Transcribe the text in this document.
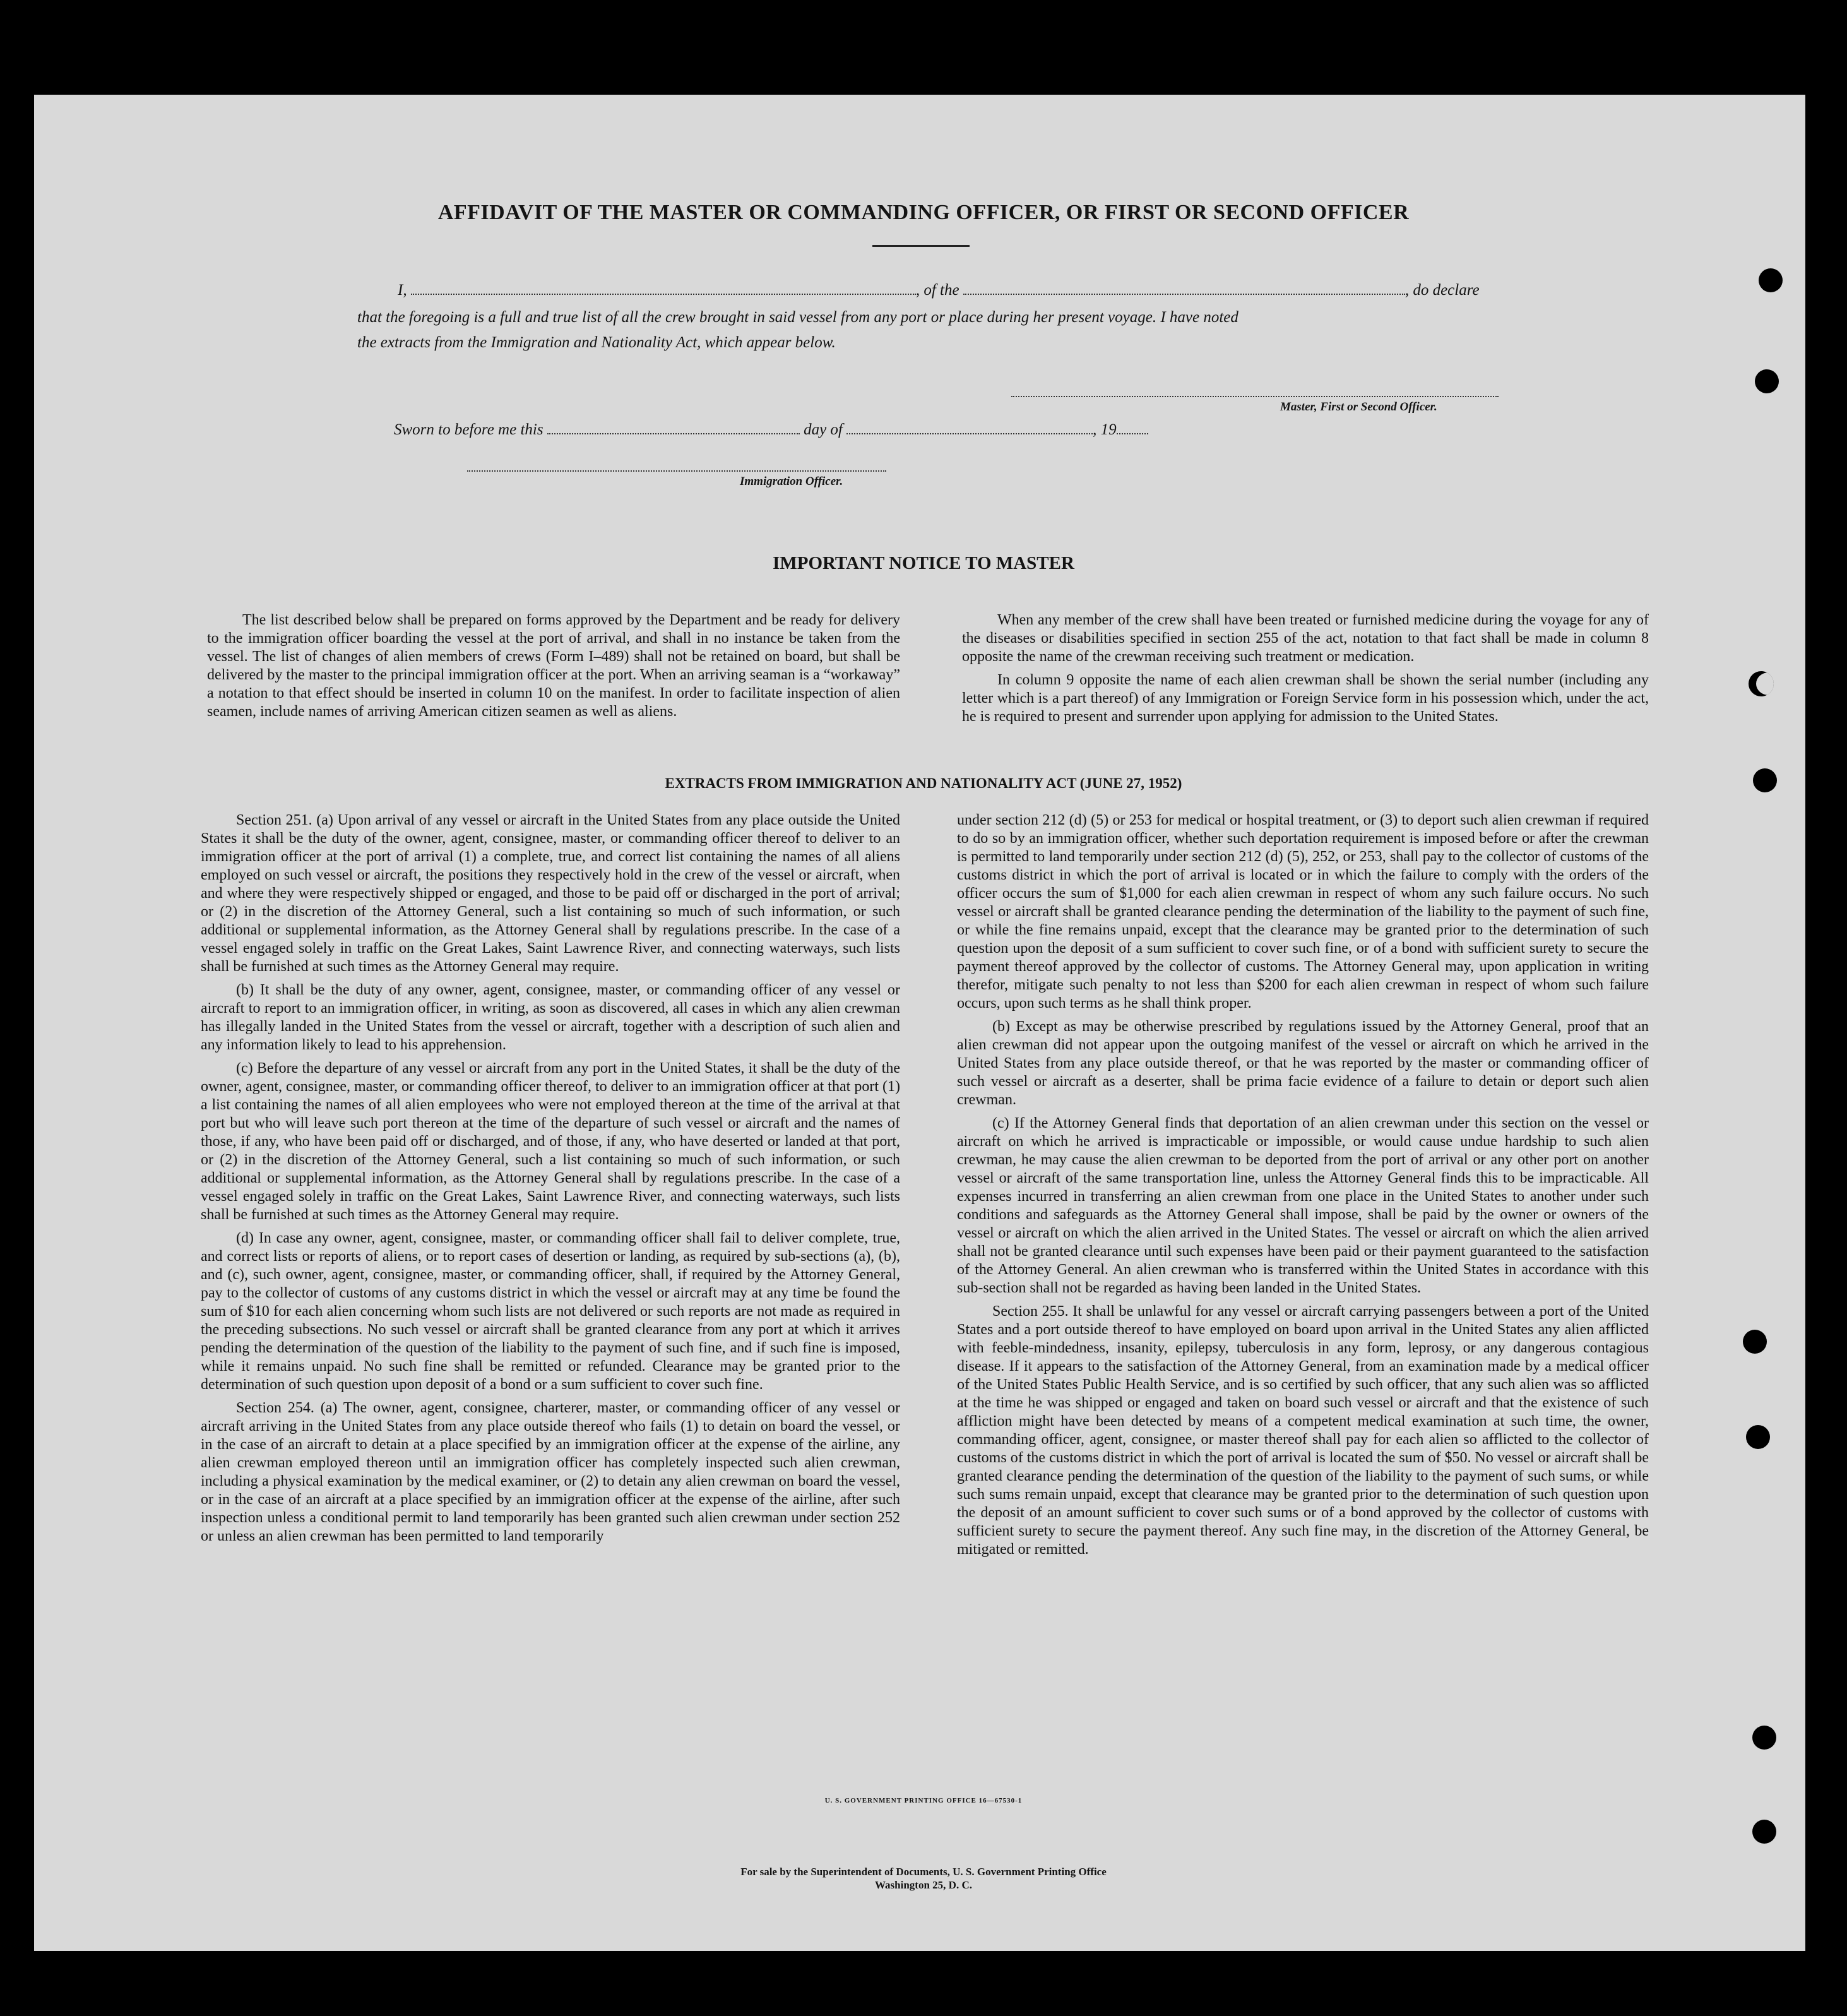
AFFIDAVIT OF THE MASTER OR COMMANDING OFFICER, OR FIRST OR SECOND OFFICER
I,	, of the	, do declare
that the foregoing is a full and true list of all the crew brought in said vessel from any port or place during her present voyage. I have noted
the extracts from the Immigration and Nationality Act, which appear below.
Master, First or Second Officer.
Sworn to before me this	day of	, 19
Immigration Officer.
IMPORTANT NOTICE TO MASTER

The list described below shall be prepared on forms approved by the Department and be ready for delivery to the immigration officer boarding the vessel at the port of arrival, and shall in no instance be taken from the vessel. The list of changes of alien members of crews (Form I–489) shall not be retained on board, but shall be delivered by the master to the principal immigration officer at the port. When an arriving seaman is a “workaway” a notation to that effect should be inserted in column 10 on the manifest. In order to facilitate inspection of alien seamen, include names of arriving American citizen seamen as well as aliens.

When any member of the crew shall have been treated or furnished medicine during the voyage for any of the diseases or disabilities specified in section 255 of the act, notation to that fact shall be made in column 8 opposite the name of the crewman receiving such treatment or medication.

In column 9 opposite the name of each alien crewman shall be shown the serial number (including any letter which is a part thereof) of any Immigration or Foreign Service form in his possession which, under the act, he is required to present and surrender upon applying for admission to the United States.

EXTRACTS FROM IMMIGRATION AND NATIONALITY ACT (JUNE 27, 1952)

Section 251. (a) Upon arrival of any vessel or aircraft in the United States from any place outside the United States it shall be the duty of the owner, agent, consignee, master, or commanding officer thereof to deliver to an immigration officer at the port of arrival (1) a complete, true, and correct list containing the names of all aliens employed on such vessel or aircraft, the positions they respectively hold in the crew of the vessel or aircraft, when and where they were respectively shipped or engaged, and those to be paid off or discharged in the port of arrival; or (2) in the discretion of the Attorney General, such a list containing so much of such information, or such additional or supplemental information, as the Attorney General shall by regulations prescribe. In the case of a vessel engaged solely in traffic on the Great Lakes, Saint Lawrence River, and connecting waterways, such lists shall be furnished at such times as the Attorney General may require.

(b) It shall be the duty of any owner, agent, consignee, master, or commanding officer of any vessel or aircraft to report to an immigration officer, in writing, as soon as discovered, all cases in which any alien crewman has illegally landed in the United States from the vessel or aircraft, together with a description of such alien and any information likely to lead to his apprehension.

(c) Before the departure of any vessel or aircraft from any port in the United States, it shall be the duty of the owner, agent, consignee, master, or commanding officer thereof, to deliver to an immigration officer at that port (1) a list containing the names of all alien employees who were not employed thereon at the time of the arrival at that port but who will leave such port thereon at the time of the departure of such vessel or aircraft and the names of those, if any, who have been paid off or discharged, and of those, if any, who have deserted or landed at that port, or (2) in the discretion of the Attorney General, such a list containing so much of such information, or such additional or supplemental information, as the Attorney General shall by regulations prescribe. In the case of a vessel engaged solely in traffic on the Great Lakes, Saint Lawrence River, and connecting waterways, such lists shall be furnished at such times as the Attorney General may require.

(d) In case any owner, agent, consignee, master, or commanding officer shall fail to deliver complete, true, and correct lists or reports of aliens, or to report cases of desertion or landing, as required by sub-sections (a), (b), and (c), such owner, agent, consignee, master, or commanding officer, shall, if required by the Attorney General, pay to the collector of customs of any customs district in which the vessel or aircraft may at any time be found the sum of $10 for each alien concerning whom such lists are not delivered or such reports are not made as required in the preceding subsections. No such vessel or aircraft shall be granted clearance from any port at which it arrives pending the determination of the question of the liability to the payment of such fine, and if such fine is imposed, while it remains unpaid. No such fine shall be remitted or refunded. Clearance may be granted prior to the determination of such question upon deposit of a bond or a sum sufficient to cover such fine.

Section 254. (a) The owner, agent, consignee, charterer, master, or commanding officer of any vessel or aircraft arriving in the United States from any place outside thereof who fails (1) to detain on board the vessel, or in the case of an aircraft to detain at a place specified by an immigration officer at the expense of the airline, any alien crewman employed thereon until an immigration officer has completely inspected such alien crewman, including a physical examination by the medical examiner, or (2) to detain any alien crewman on board the vessel, or in the case of an aircraft at a place specified by an immigration officer at the expense of the airline, after such inspection unless a conditional permit to land temporarily has been granted such alien crewman under section 252 or unless an alien crewman has been permitted to land temporarily

under section 212 (d) (5) or 253 for medical or hospital treatment, or (3) to deport such alien crewman if required to do so by an immigration officer, whether such deportation requirement is imposed before or after the crewman is permitted to land temporarily under section 212 (d) (5), 252, or 253, shall pay to the collector of customs of the customs district in which the port of arrival is located or in which the failure to comply with the orders of the officer occurs the sum of $1,000 for each alien crewman in respect of whom any such failure occurs. No such vessel or aircraft shall be granted clearance pending the determination of the liability to the payment of such fine, or while the fine remains unpaid, except that the clearance may be granted prior to the determination of such question upon the deposit of a sum sufficient to cover such fine, or of a bond with sufficient surety to secure the payment thereof approved by the collector of customs. The Attorney General may, upon application in writing therefor, mitigate such penalty to not less than $200 for each alien crewman in respect of whom such failure occurs, upon such terms as he shall think proper.

(b) Except as may be otherwise prescribed by regulations issued by the Attorney General, proof that an alien crewman did not appear upon the outgoing manifest of the vessel or aircraft on which he arrived in the United States from any place outside thereof, or that he was reported by the master or commanding officer of such vessel or aircraft as a deserter, shall be prima facie evidence of a failure to detain or deport such alien crewman.

(c) If the Attorney General finds that deportation of an alien crewman under this section on the vessel or aircraft on which he arrived is impracticable or impossible, or would cause undue hardship to such alien crewman, he may cause the alien crewman to be deported from the port of arrival or any other port on another vessel or aircraft of the same transportation line, unless the Attorney General finds this to be impracticable. All expenses incurred in transferring an alien crewman from one place in the United States to another under such conditions and safeguards as the Attorney General shall impose, shall be paid by the owner or owners of the vessel or aircraft on which the alien arrived in the United States. The vessel or aircraft on which the alien arrived shall not be granted clearance until such expenses have been paid or their payment guaranteed to the satisfaction of the Attorney General. An alien crewman who is transferred within the United States in accordance with this sub-section shall not be regarded as having been landed in the United States.

Section 255. It shall be unlawful for any vessel or aircraft carrying passengers between a port of the United States and a port outside thereof to have employed on board upon arrival in the United States any alien afflicted with feeble-mindedness, insanity, epilepsy, tuberculosis in any form, leprosy, or any dangerous contagious disease. If it appears to the satisfaction of the Attorney General, from an examination made by a medical officer of the United States Public Health Service, and is so certified by such officer, that any such alien was so afflicted at the time he was shipped or engaged and taken on board such vessel or aircraft and that the existence of such affliction might have been detected by means of a competent medical examination at such time, the owner, commanding officer, agent, consignee, or master thereof shall pay for each alien so afflicted to the collector of customs of the customs district in which the port of arrival is located the sum of $50. No vessel or aircraft shall be granted clearance pending the determination of the question of the liability to the payment of such sums, or while such sums remain unpaid, except that clearance may be granted prior to the determination of such question upon the deposit of an amount sufficient to cover such sums or of a bond approved by the collector of customs with sufficient surety to secure the payment thereof. Any such fine may, in the discretion of the Attorney General, be mitigated or remitted.

U. S. GOVERNMENT PRINTING OFFICE 16—67530-1
For sale by the Superintendent of Documents, U. S. Government Printing Office
Washington 25, D. C.
